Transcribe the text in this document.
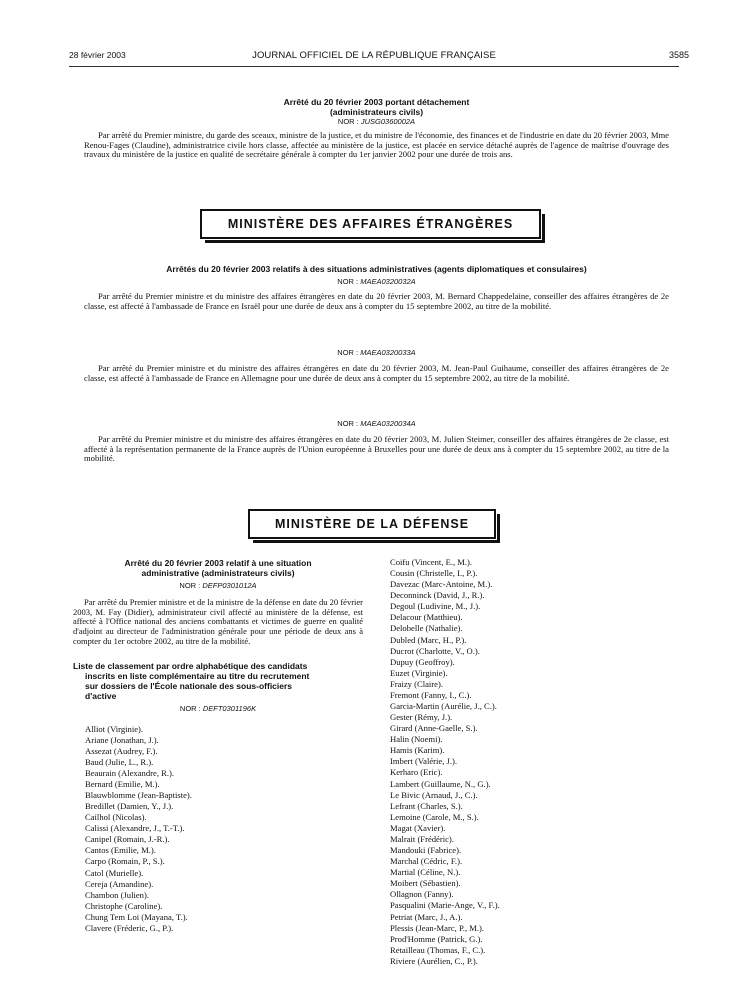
28 février 2003	JOURNAL OFFICIEL DE LA RÉPUBLIQUE FRANÇAISE	3585
Arrêté du 20 février 2003 portant détachement
(administrateurs civils)
NOR : JUSG0360002A

Par arrêté du Premier ministre, du garde des sceaux, ministre de la justice, et du ministre de l'économie, des finances et de l'industrie en date du 20 février 2003, Mme Renou-Fages (Claudine), administratrice civile hors classe, affectée au ministère de la justice, est placée en service détaché auprès de l'agence de maîtrise d'ouvrage des travaux du ministère de la justice en qualité de secrétaire générale à compter du 1er janvier 2002 pour une durée de trois ans.

MINISTÈRE DES AFFAIRES ÉTRANGÈRES
Arrêtés du 20 février 2003 relatifs à des situations administratives (agents diplomatiques et consulaires)
NOR : MAEA0320032A

Par arrêté du Premier ministre et du ministre des affaires étrangères en date du 20 février 2003, M. Bernard Chappedelaine, conseiller des affaires étrangères de 2e classe, est affecté à l'ambassade de France en Israël pour une durée de deux ans à compter du 15 septembre 2002, au titre de la mobilité.

NOR : MAEA0320033A

Par arrêté du Premier ministre et du ministre des affaires étrangères en date du 20 février 2003, M. Jean-Paul Guihaume, conseiller des affaires étrangères de 2e classe, est affecté à l'ambassade de France en Allemagne pour une durée de deux ans à compter du 15 septembre 2002, au titre de la mobilité.

NOR : MAEA0320034A

Par arrêté du Premier ministre et du ministre des affaires étrangères en date du 20 février 2003, M. Julien Steimer, conseiller des affaires étrangères de 2e classe, est affecté à la représentation permanente de la France auprès de l'Union européenne à Bruxelles pour une durée de deux ans à compter du 15 septembre 2002, au titre de la mobilité.

MINISTÈRE DE LA DÉFENSE
Arrêté du 20 février 2003 relatif à une situation
administrative (administrateurs civils)
NOR : DEFP0301012A

Par arrêté du Premier ministre et de la ministre de la défense en date du 20 février 2003, M. Fay (Didier), administrateur civil affecté au ministère de la défense, est affecté à l'Office national des anciens combattants et victimes de guerre en qualité d'adjoint au directeur de l'administration générale pour une période de deux ans à compter du 1er octobre 2002, au titre de la mobilité.

Liste de classement par ordre alphabétique des candidats
inscrits en liste complémentaire au titre du recrutement
sur dossiers de l'École nationale des sous-officiers
d'active
NOR : DEFT0301196K
Alliot (Virginie).
Ariane (Jonathan, J.).
Assezat (Audrey, F.).
Baud (Julie, L., R.).
Beaurain (Alexandre, R.).
Bernard (Emilie, M.).
Blauwblomme (Jean-Baptiste).
Bredillet (Damien, Y., J.).
Cailhol (Nicolas).
Calissi (Alexandre, J., T.-T.).
Canipel (Romain, J.-R.).
Cantos (Emilie, M.).
Carpo (Romain, P., S.).
Catol (Murielle).
Cereja (Amandine).
Chambon (Julien).
Christophe (Caroline).
Chung Tem Loi (Mayana, T.).
Clavere (Fréderic, G., P.).
Coifu (Vincent, E., M.).
Cousin (Christelle, I., P.).
Davezac (Marc-Antoine, M.).
Deconninck (David, J., R.).
Degoul (Ludivine, M., J.).
Delacour (Matthieu).
Delobelle (Nathalie).
Dubled (Marc, H., P.).
Ducrot (Charlotte, V., O.).
Dupuy (Geoffroy).
Euzet (Virginie).
Fraizy (Claire).
Fremont (Fanny, I., C.).
Garcia-Martin (Aurélie, J., C.).
Gester (Rémy, J.).
Girard (Anne-Gaelle, S.).
Halin (Noemi).
Hamis (Karim).
Imbert (Valérie, J.).
Kerharo (Eric).
Lambert (Guillaume, N., G.).
Le Bivic (Arnaud, J., C.).
Lefrant (Charles, S.).
Lemoine (Carole, M., S.).
Magat (Xavier).
Malrait (Frédéric).
Mandouki (Fabrice).
Marchal (Cédric, F.).
Martial (Céline, N.).
Moibert (Sébastien).
Ollagnon (Fanny).
Pasqualini (Marie-Ange, V., F.).
Petriat (Marc, J., A.).
Plessis (Jean-Marc, P., M.).
Prod'Homme (Patrick, G.).
Retailleau (Thomas, F., C.).
Riviere (Aurélien, C., P.).
